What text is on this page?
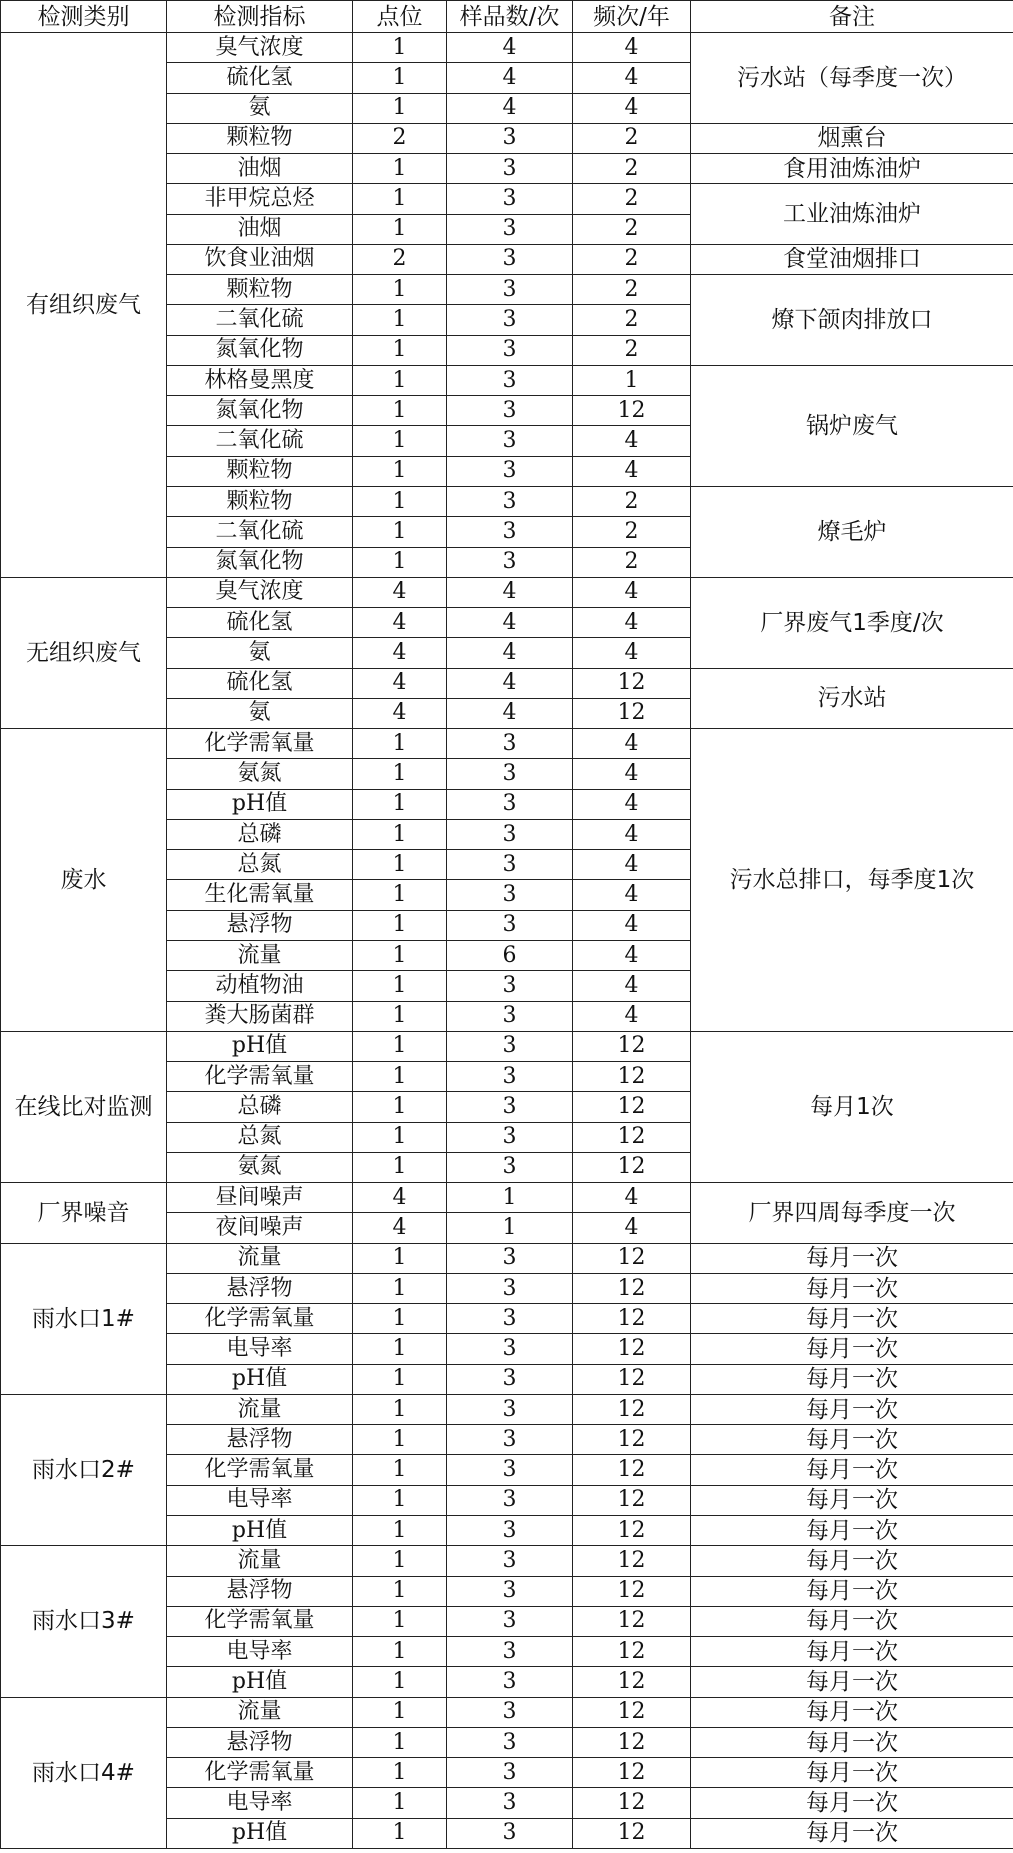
检测类别	检测指标	点位	样品数/次	频次/年	备注
有组织废气	臭气浓度	1	4	4	污水站（每季度一次）
	硫化氢	1	4	4	
	氨	1	4	4	
	颗粒物	2	3	2	烟熏台
	油烟	1	3	2	食用油炼油炉
	非甲烷总烃	1	3	2	工业油炼油炉
	油烟	1	3	2	
	饮食业油烟	2	3	2	食堂油烟排口
	颗粒物	1	3	2	燎下颌肉排放口
	二氧化硫	1	3	2	
	氮氧化物	1	3	2	
	林格曼黑度	1	3	1	锅炉废气
	氮氧化物	1	3	12	
	二氧化硫	1	3	4	
	颗粒物	1	3	4	
	颗粒物	1	3	2	燎毛炉
	二氧化硫	1	3	2	
	氮氧化物	1	3	2	
无组织废气	臭气浓度	4	4	4	厂界废气1季度/次
	硫化氢	4	4	4	
	氨	4	4	4	
	硫化氢	4	4	12	污水站
	氨	4	4	12	
废水	化学需氧量	1	3	4	污水总排口，每季度1次
	氨氮	1	3	4	
	pH值	1	3	4	
	总磷	1	3	4	
	总氮	1	3	4	
	生化需氧量	1	3	4	
	悬浮物	1	3	4	
	流量	1	6	4	
	动植物油	1	3	4	
	粪大肠菌群	1	3	4	
在线比对监测	pH值	1	3	12	每月1次
	化学需氧量	1	3	12	
	总磷	1	3	12	
	总氮	1	3	12	
	氨氮	1	3	12	
厂界噪音	昼间噪声	4	1	4	厂界四周每季度一次
	夜间噪声	4	1	4	
雨水口1#	流量	1	3	12	每月一次
	悬浮物	1	3	12	每月一次
	化学需氧量	1	3	12	每月一次
	电导率	1	3	12	每月一次
	pH值	1	3	12	每月一次
雨水口2#	流量	1	3	12	每月一次
	悬浮物	1	3	12	每月一次
	化学需氧量	1	3	12	每月一次
	电导率	1	3	12	每月一次
	pH值	1	3	12	每月一次
雨水口3#	流量	1	3	12	每月一次
	悬浮物	1	3	12	每月一次
	化学需氧量	1	3	12	每月一次
	电导率	1	3	12	每月一次
	pH值	1	3	12	每月一次
雨水口4#	流量	1	3	12	每月一次
	悬浮物	1	3	12	每月一次
	化学需氧量	1	3	12	每月一次
	电导率	1	3	12	每月一次
	pH值	1	3	12	每月一次
